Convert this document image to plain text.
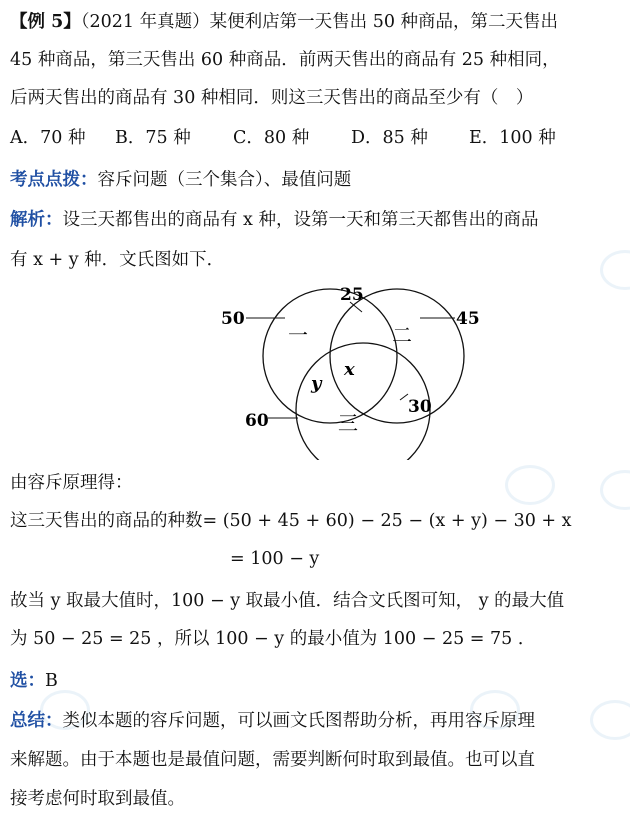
【例 5】（2021 年真题）某便利店第一天售出 50 种商品，第二天售出
45 种商品，第三天售出 60 种商品．前两天售出的商品有 25 种相同，
后两天售出的商品有 30 种相同．则这三天售出的商品至少有（　）
A．70 种 B．75 种 C．80 种 D．85 种 E．100 种
考点点拨：容斥问题（三个集合）、最值问题
解析：设三天都售出的商品有 x 种，设第一天和第三天都售出的商品
有 x + y 种．文氏图如下．
50	45
60
25
30
一	二
三
x
y
由容斥原理得：
这三天售出的商品的种数= (50 + 45 + 60) − 25 − (x + y) − 30 + x
= 100 − y
故当 y 取最大值时，100 − y 取最小值．结合文氏图可知， y 的最大值
为 50 − 25 = 25 ，所以 100 − y 的最小值为 100 − 25 = 75 ．
选：B
总结：类似本题的容斥问题，可以画文氏图帮助分析，再用容斥原理
来解题。由于本题也是最值问题，需要判断何时取到最值。也可以直
接考虑何时取到最值。
